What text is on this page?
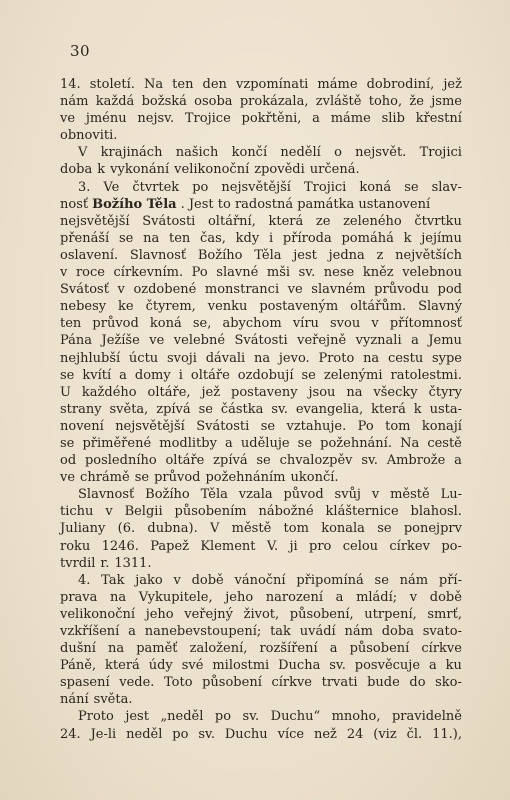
30
14. století. Na ten den vzpomínati máme dobrodiní, jež
nám každá božská osoba prokázala, zvláště toho, že jsme
ve jménu nejsv. Trojice pokřtěni, a máme slib křestní
obnoviti.
V krajinách našich končí nedělí o nejsvět. Trojici
doba k vykonání velikonoční zpovědi určená.
3. Ve čtvrtek po nejsvětější Trojici koná se slav-
nosť Božího Těla . Jest to radostná památka ustanovení
nejsvětější Svátosti oltářní, která ze zeleného čtvrtku
přenáší se na ten čas, kdy i příroda pomáhá k jejímu
oslavení. Slavnosť Božího Těla jest jedna z největších
v roce církevním. Po slavné mši sv. nese kněz velebnou
Svátosť v ozdobené monstranci ve slavném průvodu pod
nebesy ke čtyrem, venku postaveným oltářům. Slavný
ten průvod koná se, abychom víru svou v přítomnosť
Pána Ježíše ve velebné Svátosti veřejně vyznali a Jemu
nejhlubší úctu svoji dávali na jevo. Proto na cestu sype
se kvítí a domy i oltáře ozdobují se zelenými ratolestmi.
U každého oltáře, jež postaveny jsou na všecky čtyry
strany světa, zpívá se částka sv. evangelia, která k usta-
novení nejsvětější Svátosti se vztahuje. Po tom konají
se přiměřené modlitby a uděluje se požehnání. Na cestě
od posledního oltáře zpívá se chvalozpěv sv. Ambrože a
ve chrámě se průvod požehnáním ukončí.
Slavnosť Božího Těla vzala původ svůj v městě Lu-
tichu v Belgii působením nábožné klášternice blahosl.
Juliany (6. dubna). V městě tom konala se ponejprv
roku 1246. Papež Klement V. ji pro celou církev po-
tvrdil r. 1311.
4. Tak jako v době vánoční připomíná se nám pří-
prava na Vykupitele, jeho narození a mládí; v době
velikonoční jeho veřejný život, působení, utrpení, smrť,
vzkříšení a nanebevstoupení; tak uvádí nám doba svato-
dušní na paměť založení, rozšíření a působení církve
Páně, která údy své milostmi Ducha sv. posvěcuje a ku
spasení vede. Toto působení církve trvati bude do sko-
nání světa.
Proto jest „neděl po sv. Duchu“ mnoho, pravidelně
24. Je-li neděl po sv. Duchu více než 24 (viz čl. 11.),
